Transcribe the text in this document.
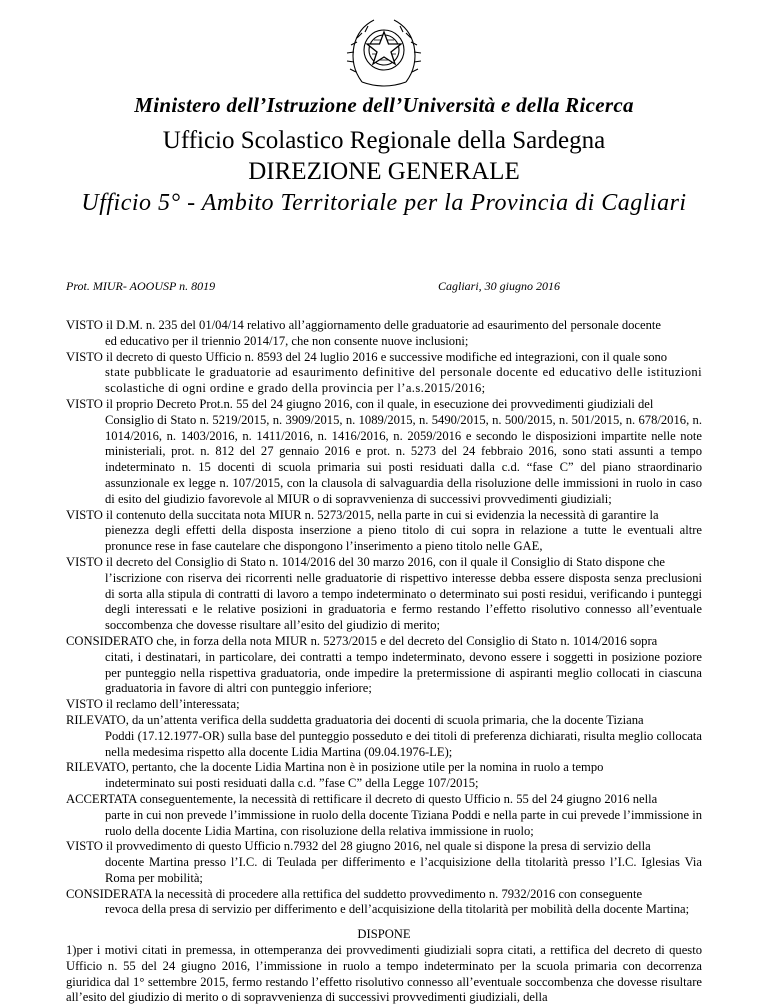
Ministero dell’Istruzione dell’Università e della Ricerca
Ufficio Scolastico Regionale della Sardegna
DIREZIONE GENERALE
Ufficio 5° - Ambito Territoriale per la Provincia di Cagliari
Prot. MIUR- AOOUSP n. 8019	Cagliari, 30 giugno 2016
VISTO il D.M. n. 235 del 01/04/14 relativo all’aggiornamento delle graduatorie ad esaurimento del personale docente
ed educativo per il triennio 2014/17, che non consente nuove inclusioni;
VISTO il decreto di questo Ufficio n. 8593 del 24 luglio 2016 e successive modifiche ed integrazioni, con il quale sono
state pubblicate le graduatorie ad esaurimento definitive del personale docente ed educativo delle istituzioni scolastiche di ogni ordine e grado della provincia per l’a.s.2015/2016;
VISTO il proprio Decreto Prot.n. 55 del 24 giugno 2016, con il quale, in esecuzione dei provvedimenti giudiziali del
Consiglio di Stato n. 5219/2015, n. 3909/2015, n. 1089/2015, n. 5490/2015, n. 500/2015, n. 501/2015, n. 678/2016, n. 1014/2016, n. 1403/2016, n. 1411/2016, n. 1416/2016, n. 2059/2016 e secondo le disposizioni impartite nelle note ministeriali, prot. n. 812 del 27 gennaio 2016 e prot. n. 5273 del 24 febbraio 2016, sono stati assunti a tempo indeterminato n. 15 docenti di scuola primaria sui posti residuati dalla c.d. “fase C” del piano straordinario assunzionale ex legge n. 107/2015, con la clausola di salvaguardia della risoluzione delle immissioni in ruolo in caso di esito del giudizio favorevole al MIUR o di sopravvenienza di successivi provvedimenti giudiziali;
VISTO il contenuto della succitata nota MIUR n. 5273/2015, nella parte in cui si evidenzia la necessità di garantire la
pienezza degli effetti della disposta inserzione a pieno titolo di cui sopra in relazione a tutte le eventuali altre pronunce rese in fase cautelare che dispongono l’inserimento a pieno titolo nelle GAE,
VISTO il decreto del Consiglio di Stato n. 1014/2016 del 30 marzo 2016, con il quale il Consiglio di Stato dispone che
l’iscrizione con riserva dei ricorrenti nelle graduatorie di rispettivo interesse debba essere disposta senza preclusioni di sorta alla stipula di contratti di lavoro a tempo indeterminato o determinato sui posti residui, verificando i punteggi degli interessati e le relative posizioni in graduatoria e fermo restando l’effetto risolutivo connesso all’eventuale soccombenza che dovesse risultare all’esito del giudizio di merito;
CONSIDERATO che, in forza della nota MIUR n. 5273/2015 e del decreto del Consiglio di Stato n. 1014/2016 sopra
citati, i destinatari, in particolare, dei contratti a tempo indeterminato, devono essere i soggetti in posizione poziore per punteggio nella rispettiva graduatoria, onde impedire la pretermissione di aspiranti meglio collocati in ciascuna graduatoria in favore di altri con punteggio inferiore;
VISTO il reclamo dell’interessata;
RILEVATO, da un’attenta verifica della suddetta graduatoria dei docenti di scuola primaria, che la docente Tiziana
Poddi (17.12.1977-OR) sulla base del punteggio posseduto e dei titoli di preferenza dichiarati, risulta meglio collocata nella medesima rispetto alla docente Lidia Martina (09.04.1976-LE);
RILEVATO, pertanto, che la docente Lidia Martina non è in posizione utile per la nomina in ruolo a tempo
indeterminato sui posti residuati dalla c.d. ”fase C” della Legge 107/2015;
ACCERTATA conseguentemente, la necessità di rettificare il decreto di questo Ufficio n. 55 del 24 giugno 2016 nella
parte in cui non prevede l’immissione in ruolo della docente Tiziana Poddi e nella parte in cui prevede l’immissione in ruolo della docente Lidia Martina, con risoluzione della relativa immissione in ruolo;
VISTO il provvedimento di questo Ufficio n.7932 del 28 giugno 2016, nel quale si dispone la presa di servizio della
docente Martina presso l’I.C. di Teulada per differimento e l’acquisizione della titolarità presso l’I.C. Iglesias Via Roma per mobilità;
CONSIDERATA la necessità di procedere alla rettifica del suddetto provvedimento n. 7932/2016 con conseguente
revoca della presa di servizio per differimento e dell’acquisizione della titolarità per mobilità della docente Martina;
DISPONE

1)per i motivi citati in premessa, in ottemperanza dei provvedimenti giudiziali sopra citati, a rettifica del decreto di questo Ufficio n. 55 del 24 giugno 2016, l’immissione in ruolo a tempo indeterminato per la scuola primaria con decorrenza giuridica dal 1° settembre 2015, fermo restando l’effetto risolutivo connesso all’eventuale soccombenza che dovesse risultare all’esito del giudizio di merito o di sopravvenienza di successivi provvedimenti giudiziali, della
